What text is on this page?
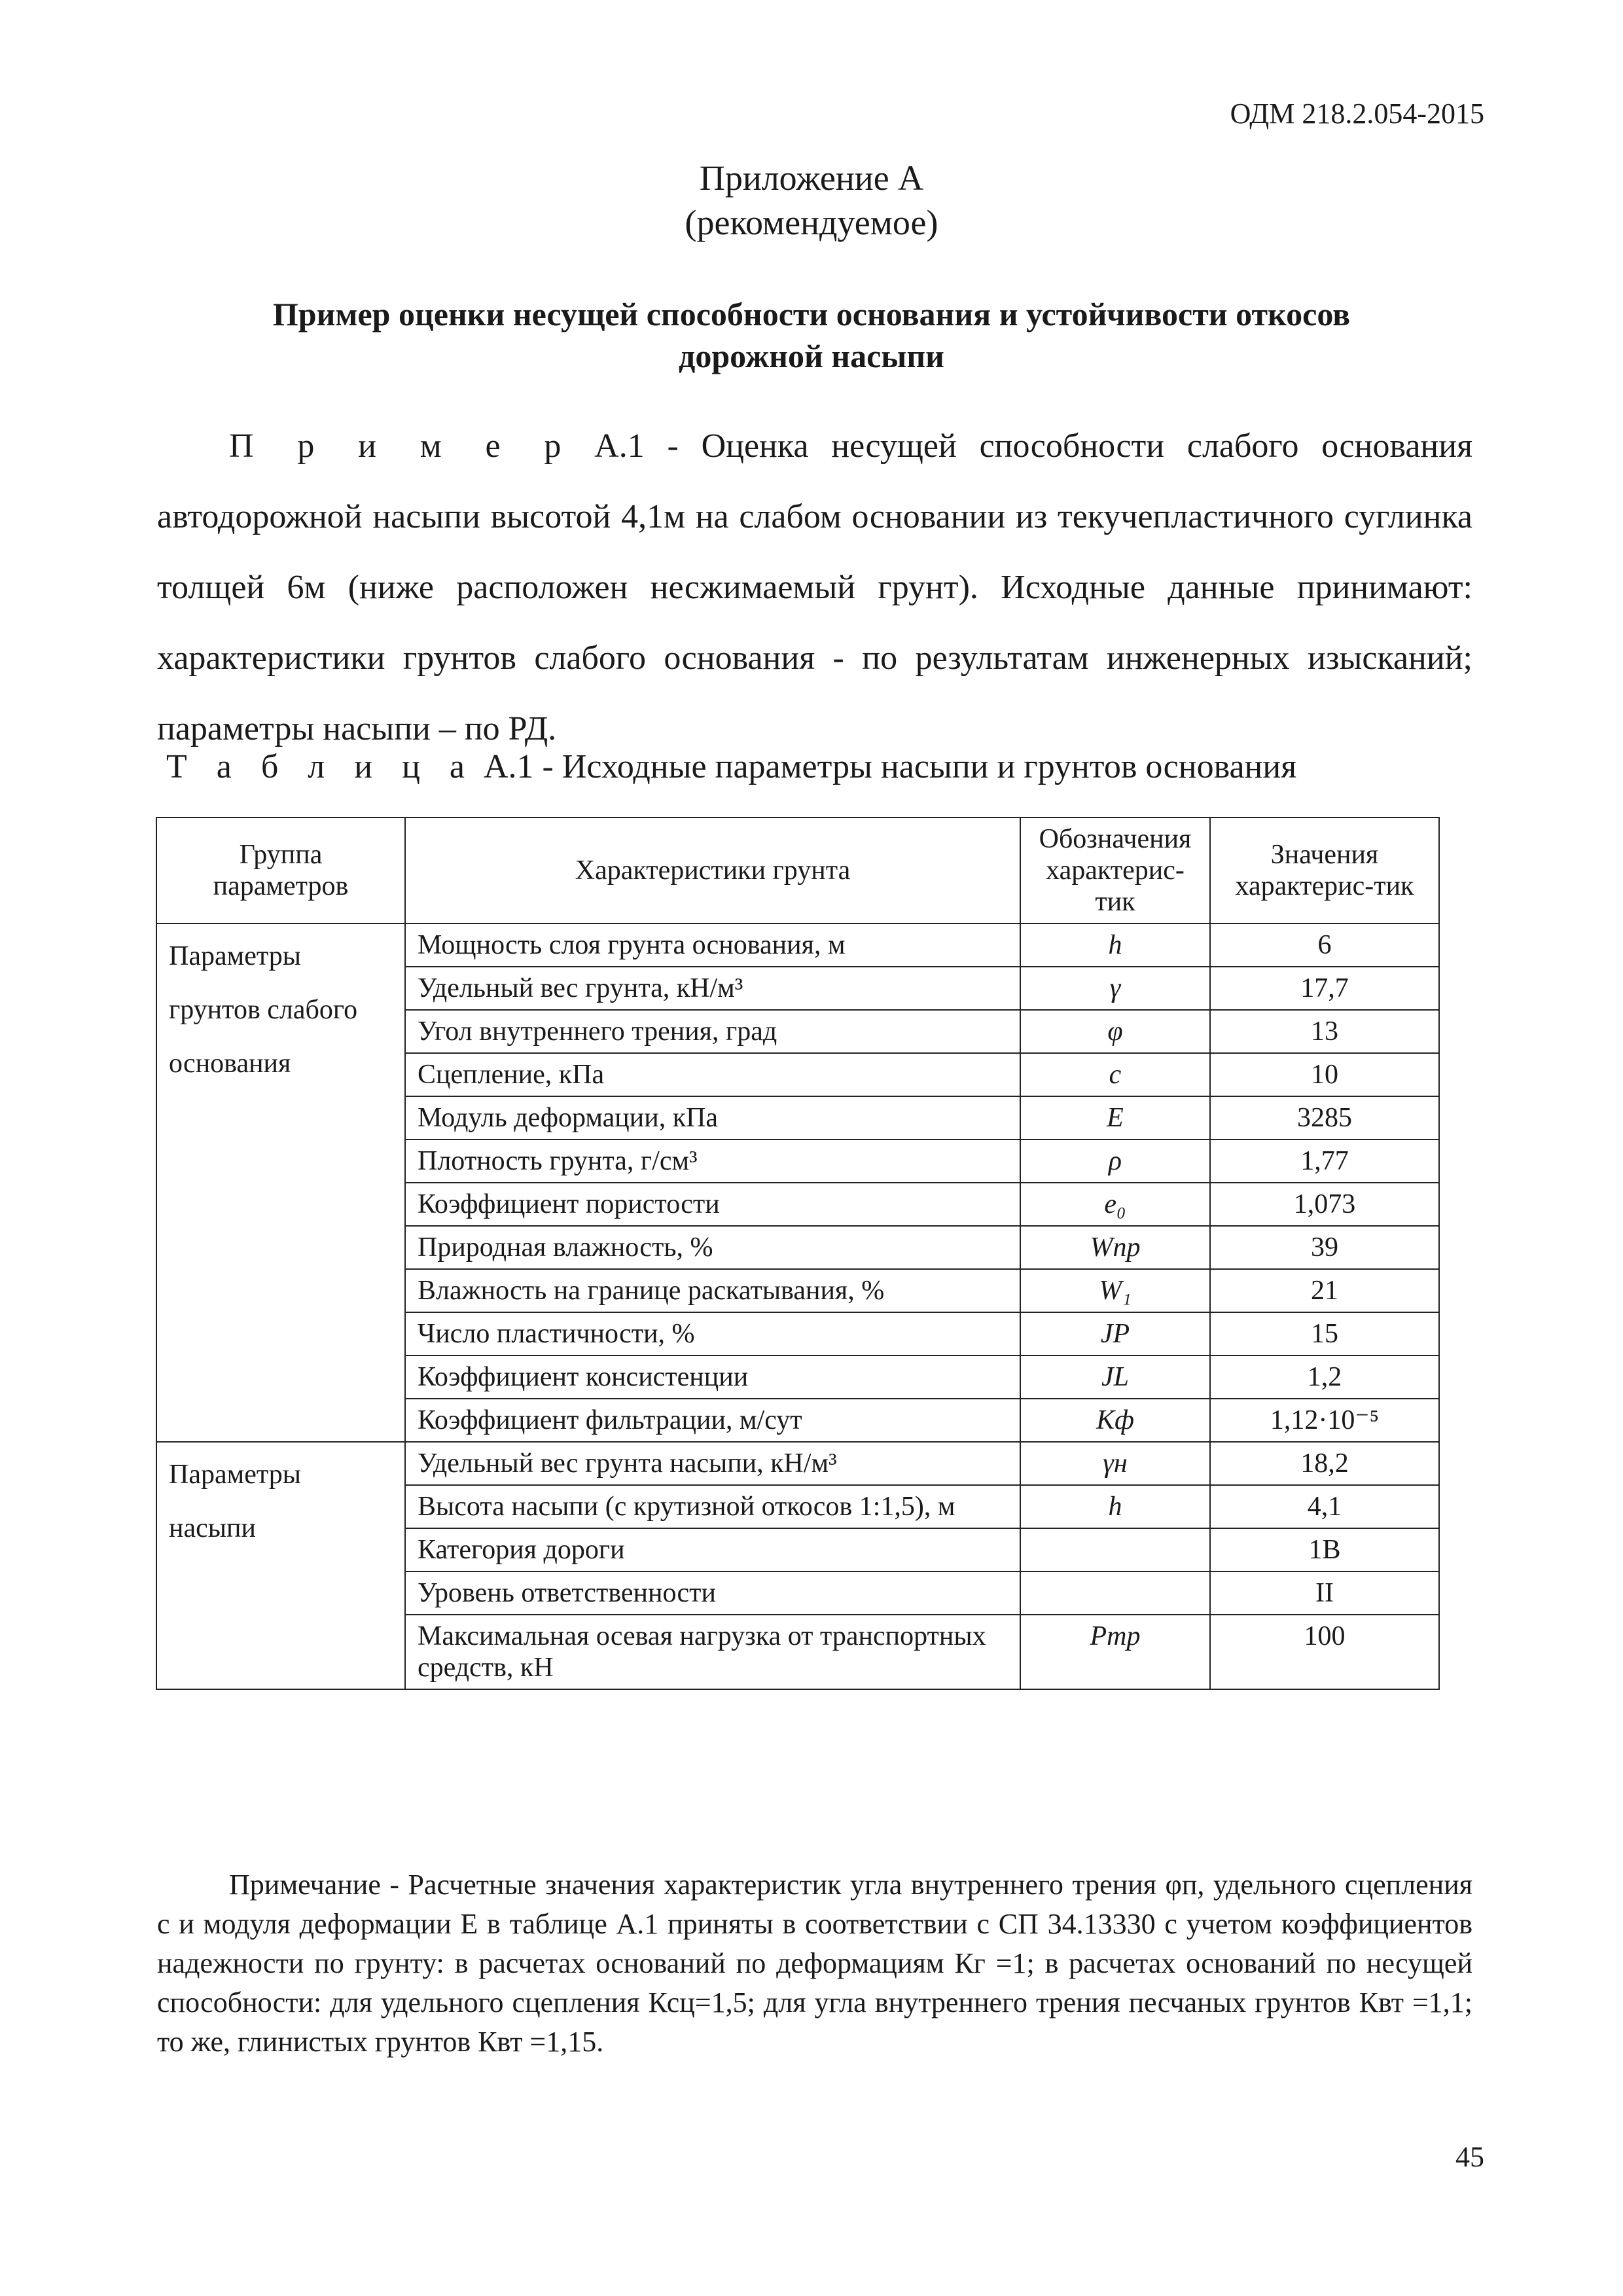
ОДМ 218.2.054-2015
Приложение А
(рекомендуемое)
Пример оценки несущей способности основания и устойчивости откосов
дорожной насыпи

П р и м е р А.1 - Оценка несущей способности слабого основания автодорожной насыпи высотой 4,1м на слабом основании из текучепластичного суглинка толщей 6м (ниже расположен несжимаемый грунт). Исходные данные принимают: характеристики грунтов слабого основания - по результатам инженерных изысканий; параметры насыпи – по РД.

Т а б л и ц а А.1 - Исходные параметры насыпи и грунтов основания
Группа параметров	Характеристики грунта	Обозначения характерис-тик	Значения характерис-тик
Параметры грунтов слабого основания	Мощность слоя грунта основания, м	h	6
	Удельный вес грунта, кН/м³	γ	17,7
	Угол внутреннего трения, град	φ	13
	Сцепление, кПа	c	10
	Модуль деформации, кПа	E	3285
	Плотность грунта, г/см³	ρ	1,77
	Коэффициент пористости	e₀	1,073
	Природная влажность, %	Wпр	39
	Влажность на границе раскатывания, %	W₁	21
	Число пластичности, %	JP	15
	Коэффициент консистенции	JL	1,2
	Коэффициент фильтрации, м/сут	Kф	1,12·10⁻⁵
Параметры насыпи	Удельный вес грунта насыпи, кН/м³	γн	18,2
	Высота насыпи (с крутизной откосов 1:1,5), м	h	4,1
	Категория дороги		1В
	Уровень ответственности		II
	Максимальная осевая нагрузка от транспортных средств, кН	Pтр	100
Примечание - Расчетные значения характеристик угла внутреннего трения φп, удельного сцепления с и модуля деформации E в таблице А.1 приняты в соответствии с СП 34.13330 с учетом коэффициентов надежности по грунту: в расчетах оснований по деформациям Кг =1; в расчетах оснований по несущей способности: для удельного сцепления Ксц=1,5; для угла внутреннего трения песчаных грунтов Квт =1,1; то же, глинистых грунтов Квт =1,15.
45
